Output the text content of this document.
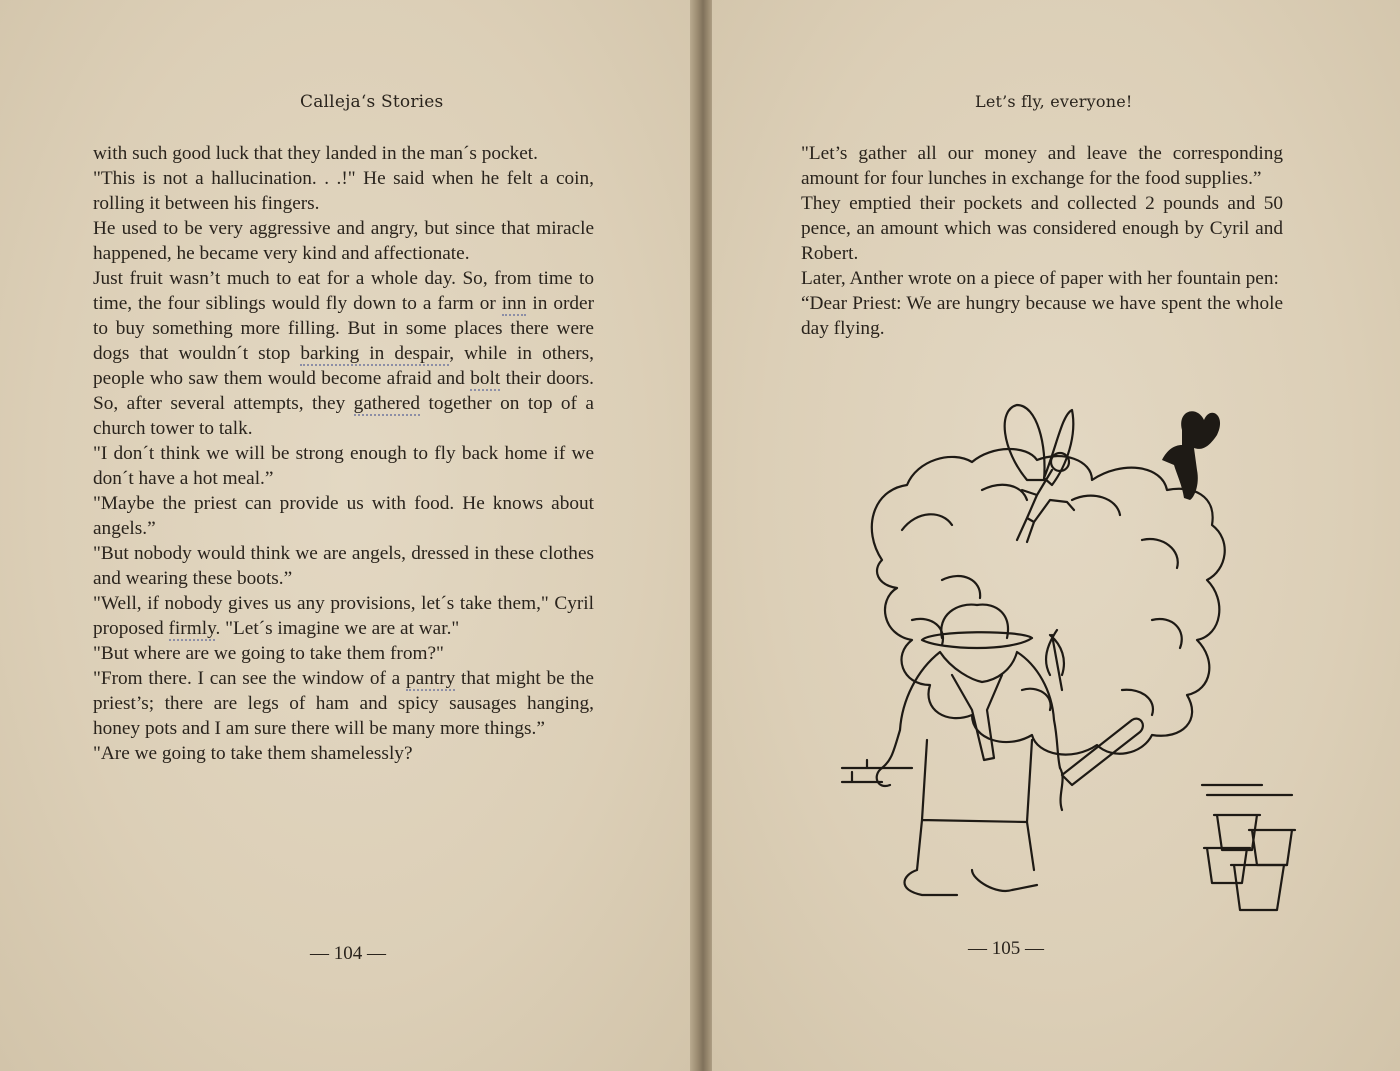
Calleja‘s Stories

with such good luck that they landed in the man´s pocket.

"This is not a hallucination. . .!" He said when he felt a coin, rolling it between his fingers.

He used to be very aggressive and angry, but since that miracle happened, he became very kind and affectionate.

Just fruit wasn’t much to eat for a whole day. So, from time to time, the four siblings would fly down to a farm or inn in order to buy something more filling. But in some places there were dogs that wouldn´t stop barking in despair, while in others, people who saw them would become afraid and bolt their doors. So, after several attempts, they gathered together on top of a church tower to talk.

"I don´t think we will be strong enough to fly back home if we don´t have a hot meal.”

"Maybe the priest can provide us with food. He knows about angels.”

"But nobody would think we are angels, dressed in these clothes and wearing these boots.”

"Well, if nobody gives us any provisions, let´s take them," Cyril proposed firmly. "Let´s imagine we are at war."

"But where are we going to take them from?"

"From there. I can see the window of a pantry that might be the priest’s; there are legs of ham and spicy sausages hanging, honey pots and I am sure there will be many more things.”

"Are we going to take them shamelessly?

— 104 —
Let’s fly, everyone!

"Let’s gather all our money and leave the corresponding amount for four lunches in exchange for the food supplies.”

They emptied their pockets and collected 2 pounds and 50 pence, an amount which was considered enough by Cyril and Robert.

Later, Anther wrote on a piece of paper with her fountain pen:

“Dear Priest: We are hungry because we have spent the whole day flying.

— 105 —
